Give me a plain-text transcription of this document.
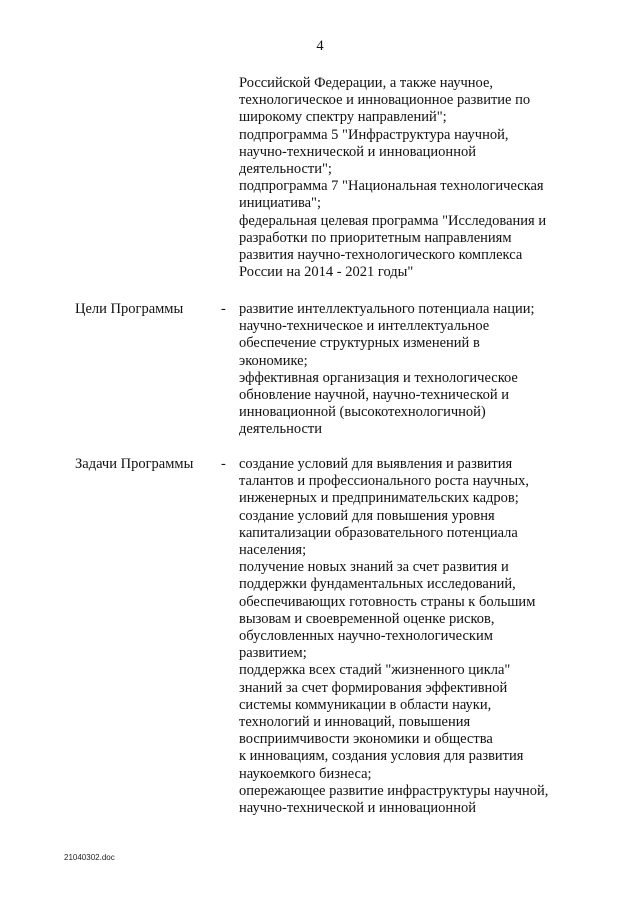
4
Российской Федерации, а также научное,
технологическое и инновационное развитие по
широкому спектру направлений";
подпрограмма 5 "Инфраструктура научной,
научно-технической и инновационной
деятельности";
подпрограмма 7 "Национальная технологическая
инициатива";
федеральная целевая программа "Исследования и
разработки по приоритетным направлениям
развития научно-технологического комплекса
России на 2014 - 2021 годы"
Цели Программы	- развитие интеллектуального потенциала нации;
научно-техническое и интеллектуальное
обеспечение структурных изменений в
экономике;
эффективная организация и технологическое
обновление научной, научно-технической и
инновационной (высокотехнологичной)
деятельности
Задачи Программы - создание условий для выявления и развития
талантов и профессионального роста научных,
инженерных и предпринимательских кадров;
создание условий для повышения уровня
капитализации образовательного потенциала
населения;
получение новых знаний за счет развития и
поддержки фундаментальных исследований,
обеспечивающих готовность страны к большим
вызовам и своевременной оценке рисков,
обусловленных научно-технологическим
развитием;
поддержка всех стадий "жизненного цикла"
знаний за счет формирования эффективной
системы коммуникации в области науки,
технологий и инноваций, повышения
восприимчивости экономики и общества
к инновациям, создания условия для развития
наукоемкого бизнеса;
опережающее развитие инфраструктуры научной,
научно-технической и инновационной
21040302.doc
